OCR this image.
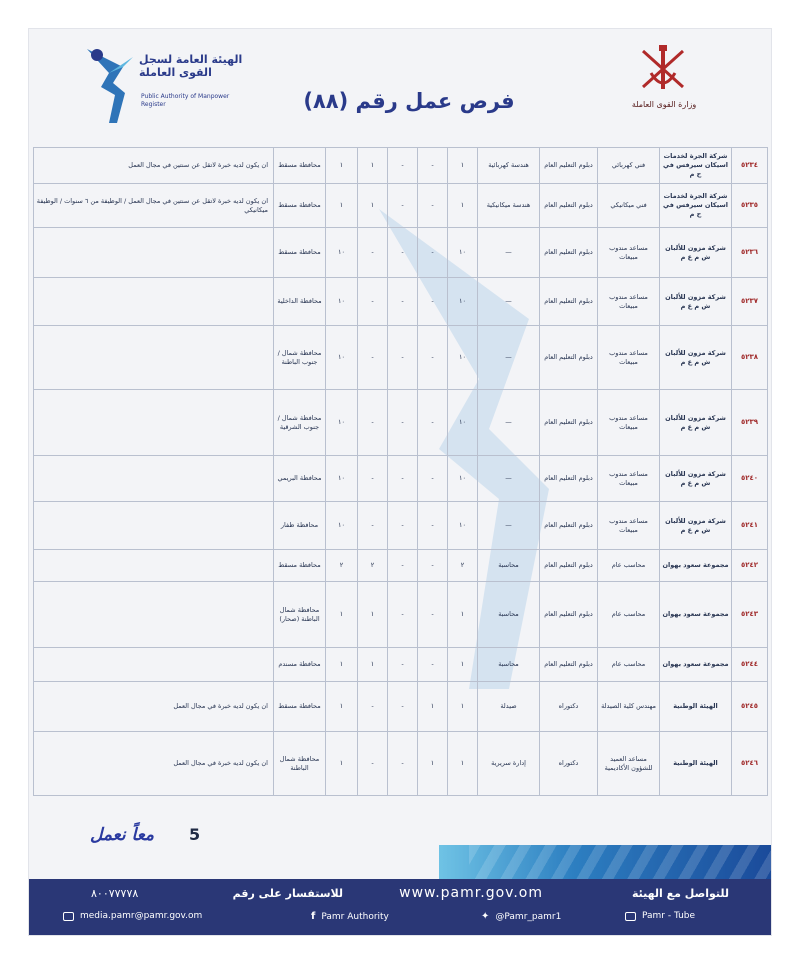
الهيئة العامة لسجل القوى العاملة
Public Authority of Manpower Register	فرص عمل رقم (٨٨)	وزارة القوى العاملة
٥٢٣٤	شركة الجرة لخدمات اسيكان سيرفس في ح م	فني كهربائي	دبلوم التعليم العام	هندسة كهربائية	١	-	-	١	١	محافظة مسقط	ان يكون لديه خبرة لاتقل عن سنتين في مجال العمل
٥٢٣٥	شركة الجرة لخدمات اسيكان سيرفس في ح م	فني ميكانيكي	دبلوم التعليم العام	هندسة ميكانيكية	١	-	-	١	١	محافظة مسقط	ان يكون لديه خبرة لاتقل عن سنتين في مجال العمل / الوظيفة من ٦ سنوات / الوظيفة ميكانيكي
٥٢٣٦	شركة مزون للألبان ش م ع م	مساعد مندوب مبيعات	دبلوم التعليم العام	—	١٠	-	-	-	١٠	محافظة مسقط	
٥٢٣٧	شركة مزون للألبان ش م ع م	مساعد مندوب مبيعات	دبلوم التعليم العام	—	١٠	-	-	-	١٠	محافظة الداخلية	
٥٢٣٨	شركة مزون للألبان ش م ع م	مساعد مندوب مبيعات	دبلوم التعليم العام	—	١٠	-	-	-	١٠	محافظة شمال / جنوب الباطنة	
٥٢٣٩	شركة مزون للألبان ش م ع م	مساعد مندوب مبيعات	دبلوم التعليم العام	—	١٠	-	-	-	١٠	محافظة شمال / جنوب الشرقية	
٥٢٤٠	شركة مزون للألبان ش م ع م	مساعد مندوب مبيعات	دبلوم التعليم العام	—	١٠	-	-	-	١٠	محافظة البريمي	
٥٢٤١	شركة مزون للألبان ش م ع م	مساعد مندوب مبيعات	دبلوم التعليم العام	—	١٠	-	-	-	١٠	محافظة ظفار	
٥٢٤٢	مجموعة سعود بهوان	محاسب عام	دبلوم التعليم العام	محاسبة	٢	-	-	٢	٢	محافظة مسقط	
٥٢٤٣	مجموعة سعود بهوان	محاسب عام	دبلوم التعليم العام	محاسبة	١	-	-	١	١	محافظة شمال الباطنة (صحار)	
٥٢٤٤	مجموعة سعود بهوان	محاسب عام	دبلوم التعليم العام	محاسبة	١	-	-	١	١	محافظة مسندم	
٥٢٤٥	الهيئة الوطنية	مهندس كلية الصيدلة	دكتوراه	صيدلة	١	١	-	-	١	محافظة مسقط	ان يكون لديه خبرة في مجال العمل
٥٢٤٦	الهيئة الوطنية	مساعد العميد للشؤون الأكاديمية	دكتوراه	إدارة سريرية	١	١	-	-	١	محافظة شمال الباطنة	ان يكون لديه خبرة في مجال العمل
معاً نعمل	5
للتواصل مع الهيئة
www.pamr.gov.om
للاستفسار على رقم
٨٠٠٧٧٧٧٨
media.pamr@pamr.gov.om	f Pamr Authority	✦ @Pamr_pamr1	Pamr - Tube
